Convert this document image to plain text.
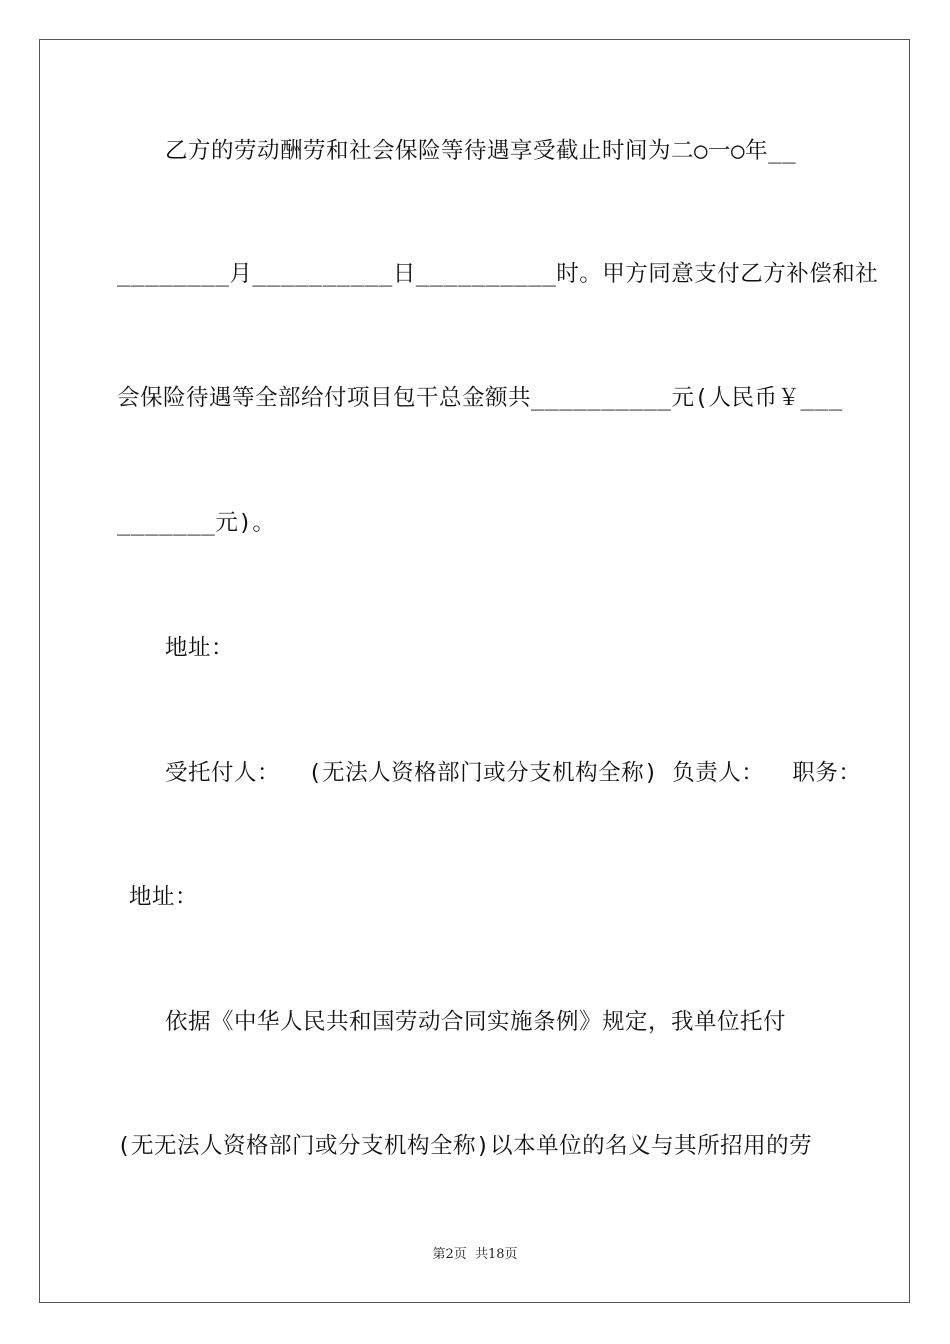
乙方的劳动酬劳和社会保险等待遇享受截止时间为二○一○年__
________月__________日__________时。甲方同意支付乙方补偿和社
会保险待遇等全部给付项目包干总金额共__________元(人民币￥___
_______元)。
地址：
受托付人：  (无法人资格部门或分支机构全称) 负责人：  职务：
地址：
依据《中华人民共和国劳动合同实施条例》规定，我单位托付
(无无法人资格部门或分支机构全称)以本单位的名义与其所招用的劳
第2页  共18页
